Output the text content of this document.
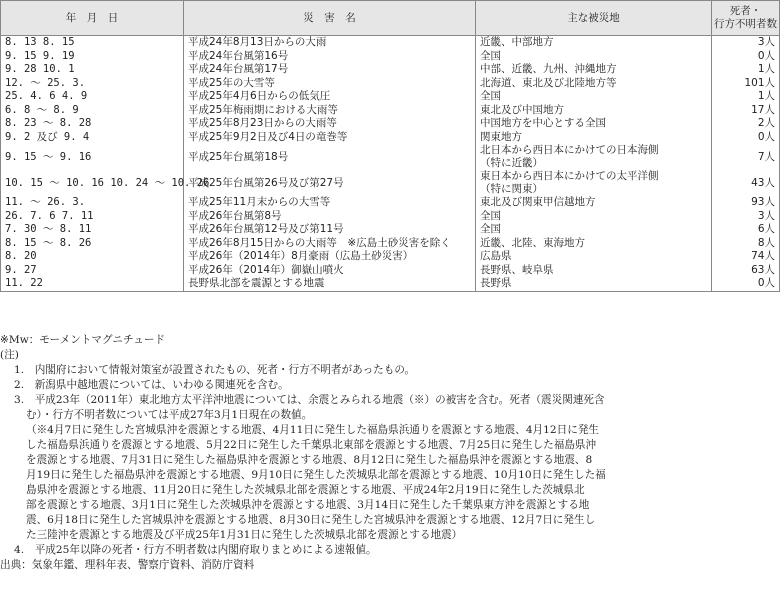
年　月　日	災　害　名	主な被災地	死者・
行方不明者数
8. 13 8. 15	平成24年8月13日からの大雨	近畿、中部地方	3人
9. 15 9. 19	平成24年台風第16号	全国	0人
9. 28 10. 1	平成24年台風第17号	中部、近畿、九州、沖縄地方	1人
12. ～ 25. 3.	平成25年の大雪等	北海道、東北及び北陸地方等	101人
25. 4. 6 4. 9	平成25年4月6日からの低気圧	全国	1人
6. 8 ～ 8. 9	平成25年梅雨期における大雨等	東北及び中国地方	17人
8. 23 ～ 8. 28	平成25年8月23日からの大雨等	中国地方を中心とする全国	2人
9. 2 及び 9. 4	平成25年9月2日及び4日の竜巻等	関東地方	0人
9. 15 ～ 9. 16	平成25年台風第18号	北日本から西日本にかけての日本海側
（特に近畿）	7人
10. 15 ～ 10. 16 10. 24 ～ 10. 26	平成25年台風第26号及び第27号	東日本から西日本にかけての太平洋側
（特に関東）	43人
11. ～ 26. 3.	平成25年11月末からの大雪等	東北及び関東甲信越地方	93人
26. 7. 6 7. 11	平成26年台風第8号	全国	3人
7. 30 ～ 8. 11	平成26年台風第12号及び第11号	全国	6人
8. 15 ～ 8. 26	平成26年8月15日からの大雨等　※広島土砂災害を除く	近畿、北陸、東海地方	8人
8. 20	平成26年（2014年）8月豪雨（広島土砂災害）	広島県	74人
9. 27	平成26年（2014年）御嶽山噴火	長野県、岐阜県	63人
11. 22	長野県北部を震源とする地震	長野県	0人

※Mw：モーメントマグニチュード

(注)

1.　内閣府において情報対策室が設置されたもの、死者・行方不明者があったもの。

2.　新潟県中越地震については、いわゆる関連死を含む。

3.　平成23年（2011年）東北地方太平洋沖地震については、余震とみられる地震（※）の被害を含む。死者（震災関連死含

む）・行方不明者数については平成27年3月1日現在の数値。

（※4月7日に発生した宮城県沖を震源とする地震、4月11日に発生した福島県浜通りを震源とする地震、4月12日に発生

した福島県浜通りを震源とする地震、5月22日に発生した千葉県北東部を震源とする地震、7月25日に発生した福島県沖

を震源とする地震、7月31日に発生した福島県沖を震源とする地震、8月12日に発生した福島県沖を震源とする地震、8

月19日に発生した福島県沖を震源とする地震、9月10日に発生した茨城県北部を震源とする地震、10月10日に発生した福

島県沖を震源とする地震、11月20日に発生した茨城県北部を震源とする地震、平成24年2月19日に発生した茨城県北

部を震源とする地震、3月1日に発生した茨城県沖を震源とする地震、3月14日に発生した千葉県東方沖を震源とする地

震、6月18日に発生した宮城県沖を震源とする地震、8月30日に発生した宮城県沖を震源とする地震、12月7日に発生し

た三陸沖を震源とする地震及び平成25年1月31日に発生した茨城県北部を震源とする地震）

4.　平成25年以降の死者・行方不明者数は内閣府取りまとめによる速報値。

出典：気象年鑑、理科年表、警察庁資料、消防庁資料
